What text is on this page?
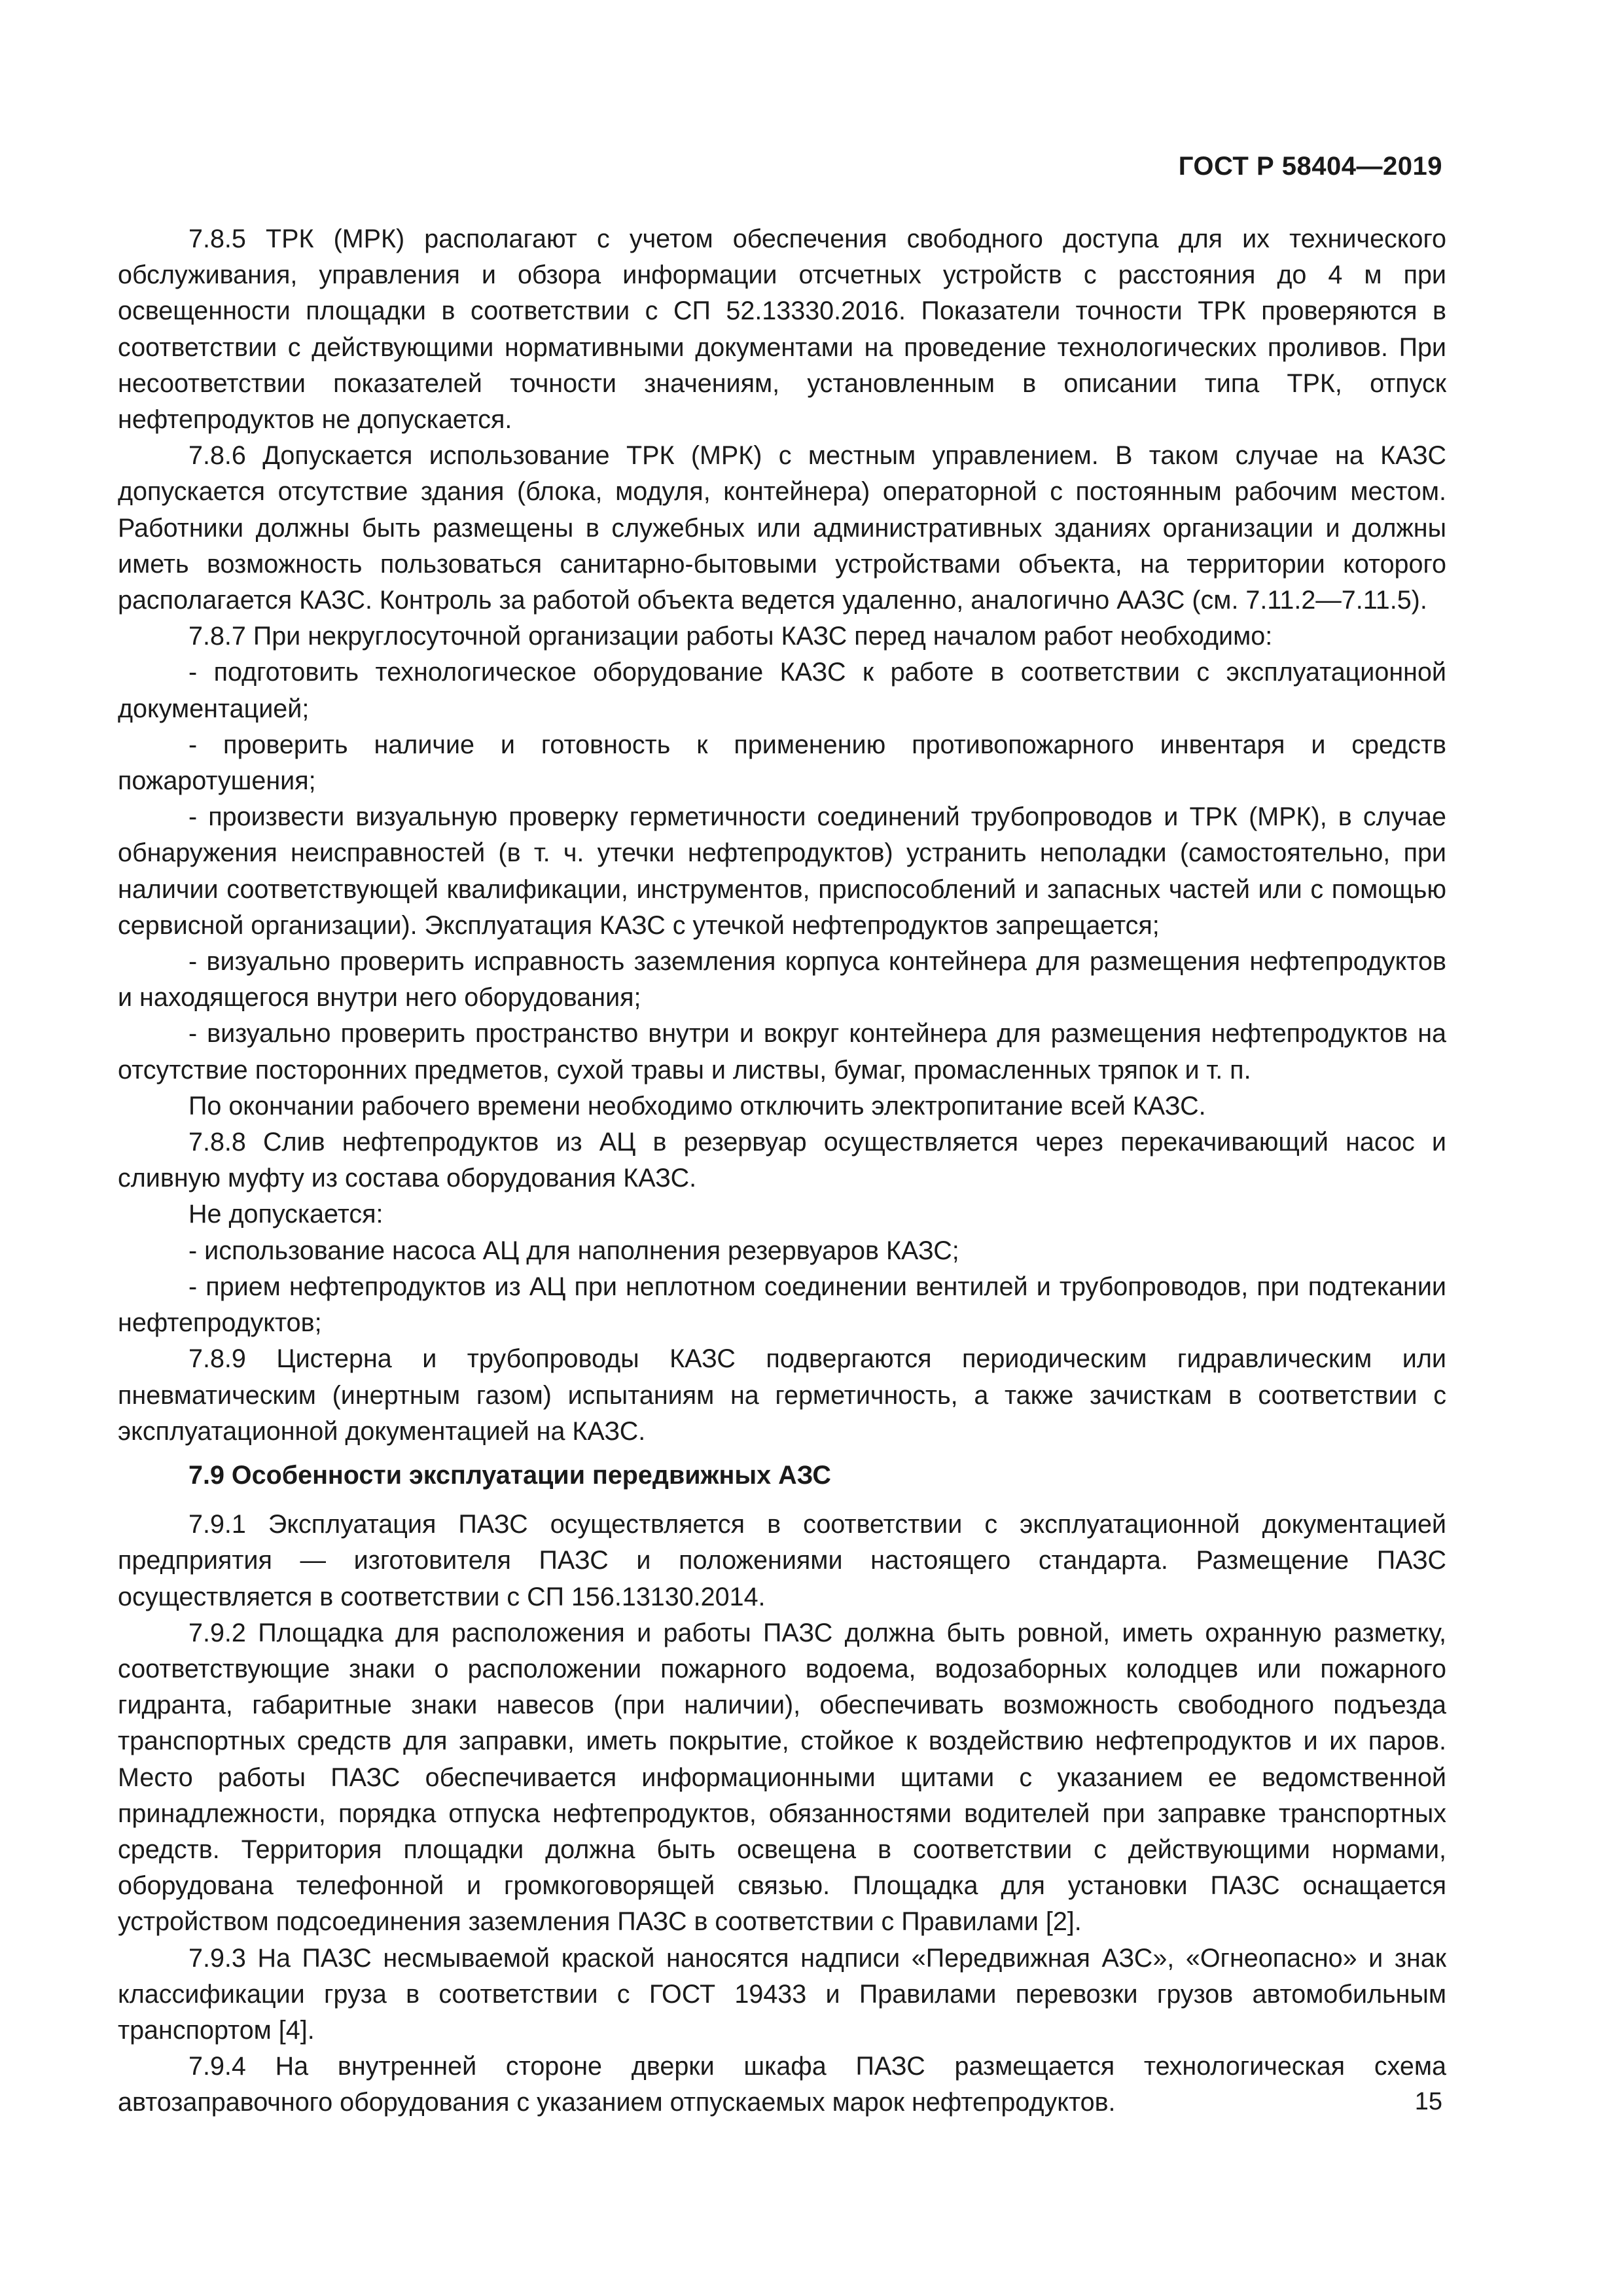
ГОСТ Р 58404—2019

7.8.5 ТРК (МРК) располагают с учетом обеспечения свободного доступа для их технического обслуживания, управления и обзора информации отсчетных устройств с расстояния до 4 м при освещенности площадки в соответствии с СП 52.13330.2016. Показатели точности ТРК проверяются в соответствии с действующими нормативными документами на проведение технологических проливов. При несоответствии показателей точности значениям, установленным в описании типа ТРК, отпуск нефтепродуктов не допускается.

7.8.6 Допускается использование ТРК (МРК) с местным управлением. В таком случае на КАЗС допускается отсутствие здания (блока, модуля, контейнера) операторной с постоянным рабочим местом. Работники должны быть размещены в служебных или административных зданиях организации и должны иметь возможность пользоваться санитарно-бытовыми устройствами объекта, на территории которого располагается КАЗС. Контроль за работой объекта ведется удаленно, аналогично ААЗС (см. 7.11.2—7.11.5).

7.8.7 При некруглосуточной организации работы КАЗС перед началом работ необходимо:

- подготовить технологическое оборудование КАЗС к работе в соответствии с эксплуатационной документацией;

- проверить наличие и готовность к применению противопожарного инвентаря и средств пожаротушения;

- произвести визуальную проверку герметичности соединений трубопроводов и ТРК (МРК), в случае обнаружения неисправностей (в т. ч. утечки нефтепродуктов) устранить неполадки (самостоятельно, при наличии соответствующей квалификации, инструментов, приспособлений и запасных частей или с помощью сервисной организации). Эксплуатация КАЗС с утечкой нефтепродуктов запрещается;

- визуально проверить исправность заземления корпуса контейнера для размещения нефтепродуктов и находящегося внутри него оборудования;

- визуально проверить пространство внутри и вокруг контейнера для размещения нефтепродуктов на отсутствие посторонних предметов, сухой травы и листвы, бумаг, промасленных тряпок и т. п.

По окончании рабочего времени необходимо отключить электропитание всей КАЗС.

7.8.8 Слив нефтепродуктов из АЦ в резервуар осуществляется через перекачивающий насос и сливную муфту из состава оборудования КАЗС.

Не допускается:

- использование насоса АЦ для наполнения резервуаров КАЗС;

- прием нефтепродуктов из АЦ при неплотном соединении вентилей и трубопроводов, при подтекании нефтепродуктов;

7.8.9 Цистерна и трубопроводы КАЗС подвергаются периодическим гидравлическим или пневматическим (инертным газом) испытаниям на герметичность, а также зачисткам в соответствии с эксплуатационной документацией на КАЗС.

7.9 Особенности эксплуатации передвижных АЗС

7.9.1 Эксплуатация ПАЗС осуществляется в соответствии с эксплуатационной документацией предприятия — изготовителя ПАЗС и положениями настоящего стандарта. Размещение ПАЗС осуществляется в соответствии с СП 156.13130.2014.

7.9.2 Площадка для расположения и работы ПАЗС должна быть ровной, иметь охранную разметку, соответствующие знаки о расположении пожарного водоема, водозаборных колодцев или пожарного гидранта, габаритные знаки навесов (при наличии), обеспечивать возможность свободного подъезда транспортных средств для заправки, иметь покрытие, стойкое к воздействию нефтепродуктов и их паров. Место работы ПАЗС обеспечивается информационными щитами с указанием ее ведомственной принадлежности, порядка отпуска нефтепродуктов, обязанностями водителей при заправке транспортных средств. Территория площадки должна быть освещена в соответствии с действующими нормами, оборудована телефонной и громкоговорящей связью. Площадка для установки ПАЗС оснащается устройством подсоединения заземления ПАЗС в соответствии с Правилами [2].

7.9.3 На ПАЗС несмываемой краской наносятся надписи «Передвижная АЗС», «Огнеопасно» и знак классификации груза в соответствии с ГОСТ 19433 и Правилами перевозки грузов автомобильным транспортом [4].

7.9.4 На внутренней стороне дверки шкафа ПАЗС размещается технологическая схема автозаправочного оборудования с указанием отпускаемых марок нефтепродуктов.	15
